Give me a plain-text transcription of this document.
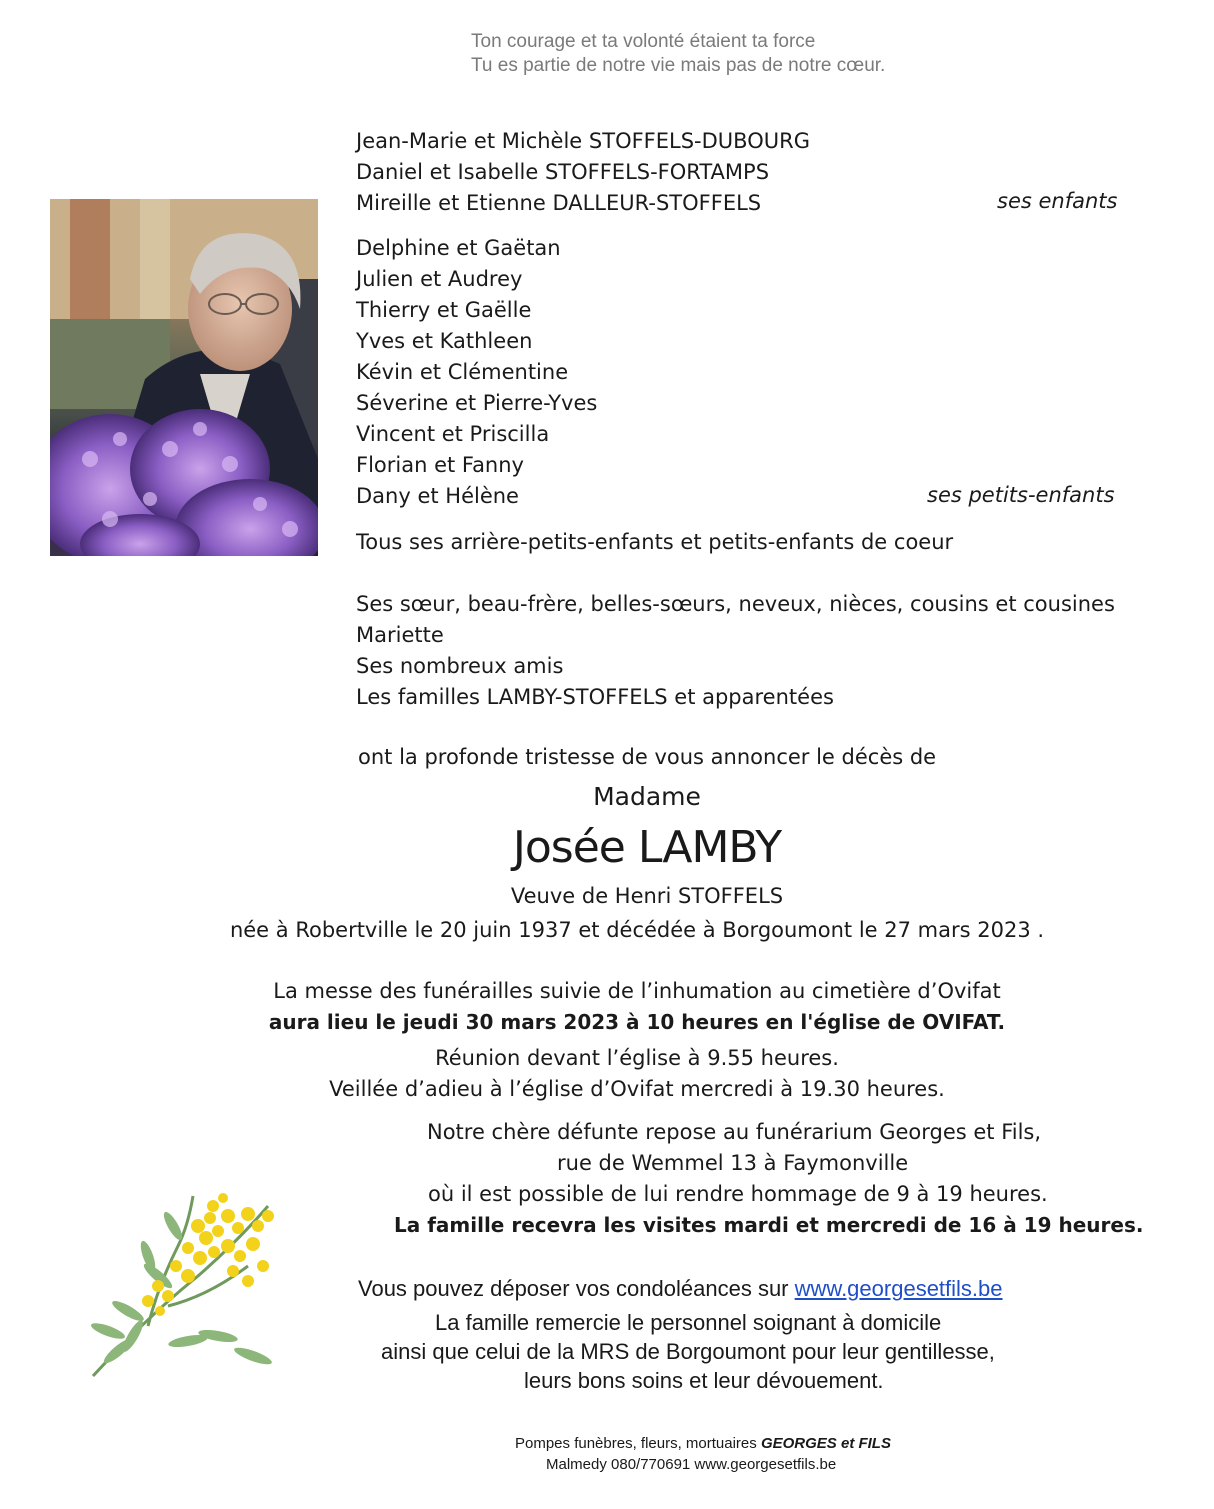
Ton courage et ta volonté étaient ta force
Tu es partie de notre vie mais pas de notre cœur.
Jean-Marie et Michèle STOFFELS-DUBOURG
Daniel et Isabelle STOFFELS-FORTAMPS
Mireille et Etienne DALLEUR-STOFFELS	ses enfants
Delphine et Gaëtan
Julien et Audrey
Thierry et Gaëlle
Yves et Kathleen
Kévin et Clémentine
Séverine et Pierre-Yves
Vincent et Priscilla
Florian et Fanny
Dany et Hélène	ses petits-enfants
Tous ses arrière-petits-enfants et petits-enfants de coeur
Ses sœur, beau-frère, belles-sœurs, neveux, nièces, cousins et cousines
Mariette
Ses nombreux amis
Les familles LAMBY-STOFFELS et apparentées
ont la profonde tristesse de vous annoncer le décès de
Madame
Josée LAMBY
Veuve de Henri STOFFELS
née à Robertville le 20 juin 1937 et décédée à Borgoumont le 27 mars 2023 .
La messe des funérailles suivie de l’inhumation au cimetière d’Ovifat
aura lieu le jeudi 30 mars 2023 à 10 heures en l'église de OVIFAT.
Réunion devant l’église à 9.55 heures.
Veillée d’adieu à l’église d’Ovifat mercredi à 19.30 heures.
Notre chère défunte repose au funérarium Georges et Fils,
rue de Wemmel 13 à Faymonville
où il est possible de lui rendre hommage de 9 à 19 heures.
La famille recevra les visites mardi et mercredi de 16 à 19 heures.
Vous pouvez déposer vos condoléances sur www.georgesetfils.be
La famille remercie le personnel soignant à domicile
ainsi que celui de la MRS de Borgoumont pour leur gentillesse,
leurs bons soins et leur dévouement.
Pompes funèbres, fleurs, mortuaires GEORGES et FILS
Malmedy 080/770691 www.georgesetfils.be
